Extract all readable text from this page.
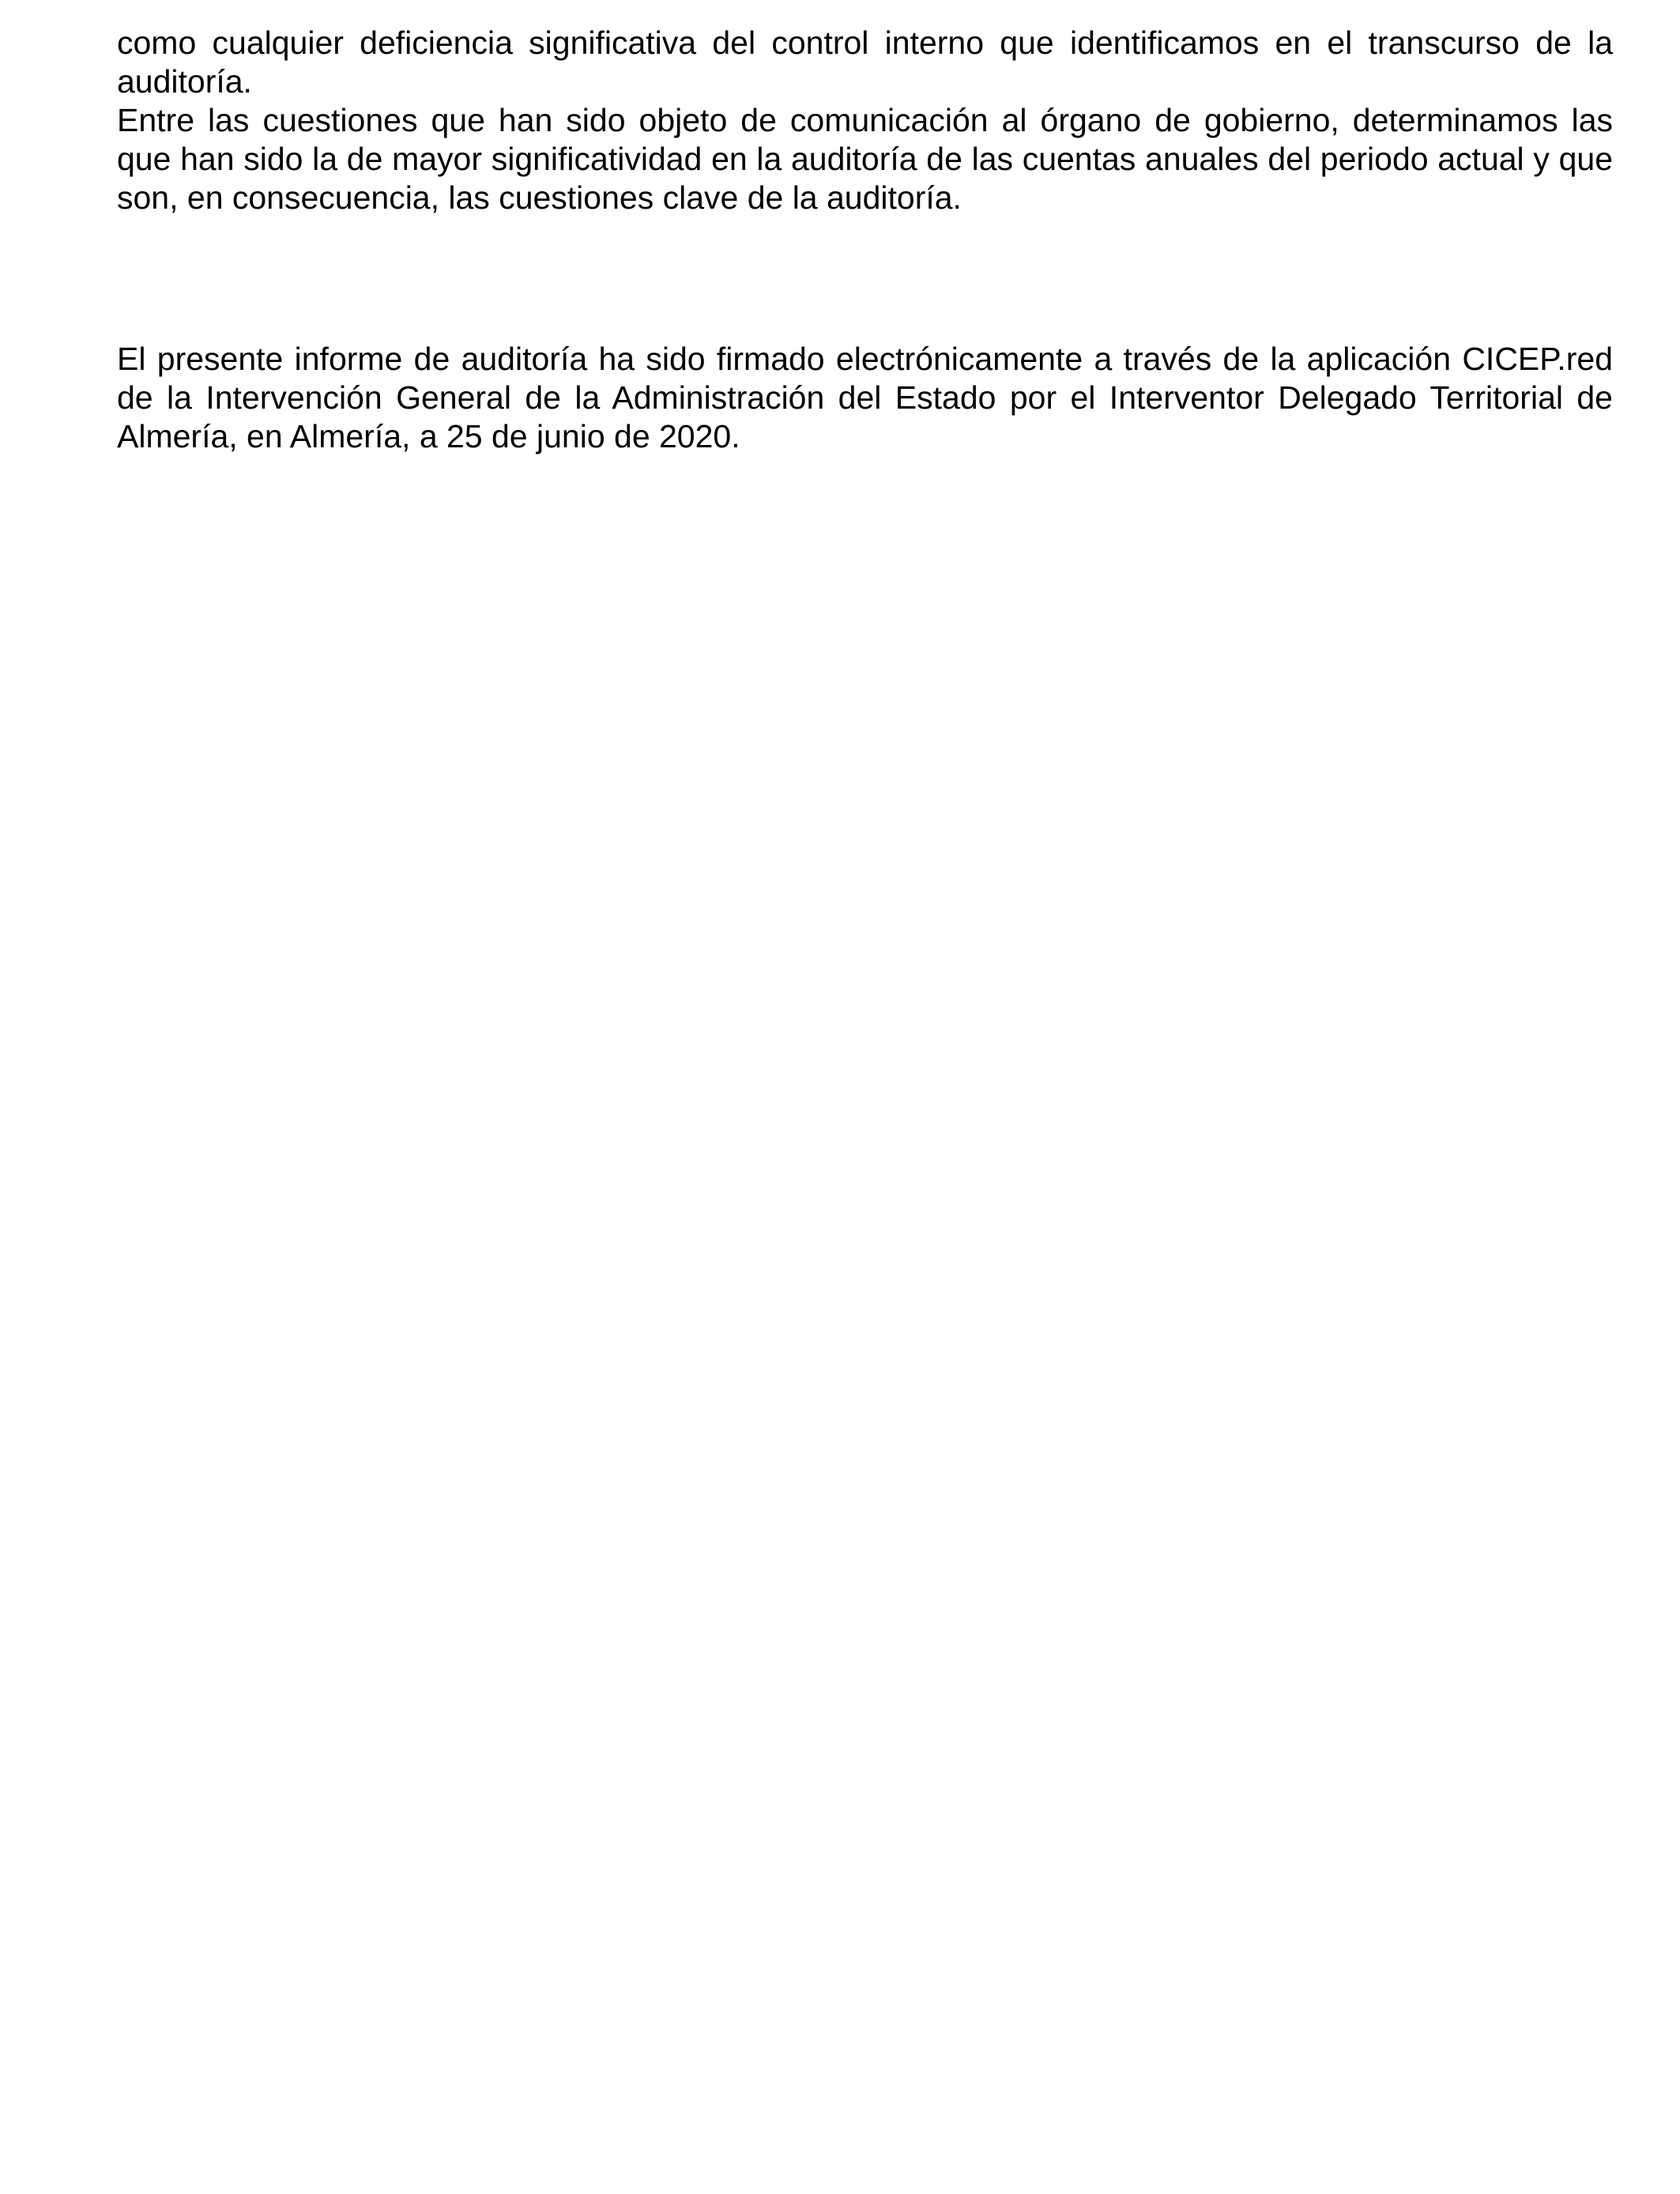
como cualquier deficiencia significativa del control interno que identificamos en el transcurso de la auditoría.

Entre las cuestiones que han sido objeto de comunicación al órgano de gobierno, determinamos las que han sido la de mayor significatividad en la auditoría de las cuentas anuales del periodo actual y que son, en consecuencia, las cuestiones clave de la auditoría.

El presente informe de auditoría ha sido firmado electrónicamente a través de la aplicación CICEP.red de la Intervención General de la Administración del Estado por el Interventor Delegado Territorial de Almería, en Almería, a 25 de junio de 2020.
